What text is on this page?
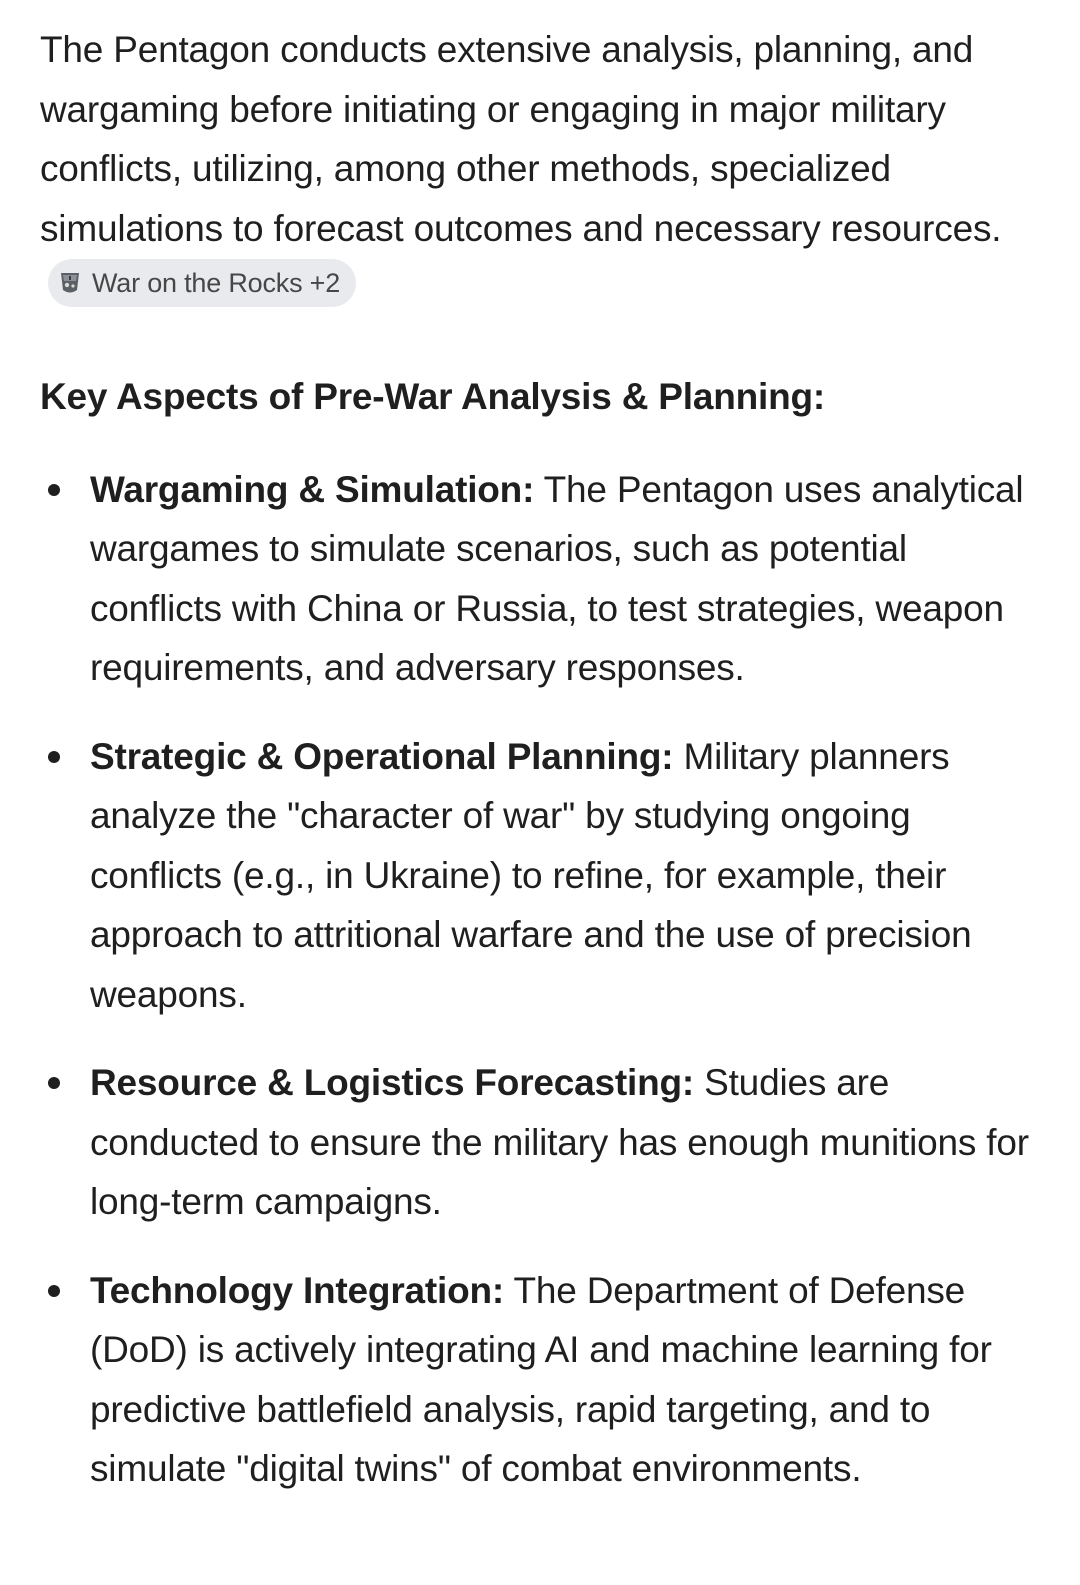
The Pentagon conducts extensive analysis, planning, and wargaming before initiating or engaging in major military conflicts, utilizing, among other methods, specialized simulations to forecast outcomes and necessary resources.
War on the Rocks +2

Key Aspects of Pre-War Analysis & Planning:
Wargaming & Simulation: The Pentagon uses analytical wargames to simulate scenarios, such as potential conflicts with China or Russia, to test strategies, weapon requirements, and adversary responses.
Strategic & Operational Planning: Military planners analyze the "character of war" by studying ongoing conflicts (e.g., in Ukraine) to refine, for example, their approach to attritional warfare and the use of precision weapons.
Resource & Logistics Forecasting: Studies are conducted to ensure the military has enough munitions for long-term campaigns.
Technology Integration: The Department of Defense (DoD) is actively integrating AI and machine learning for predictive battlefield analysis, rapid targeting, and to simulate "digital twins" of combat environments.
